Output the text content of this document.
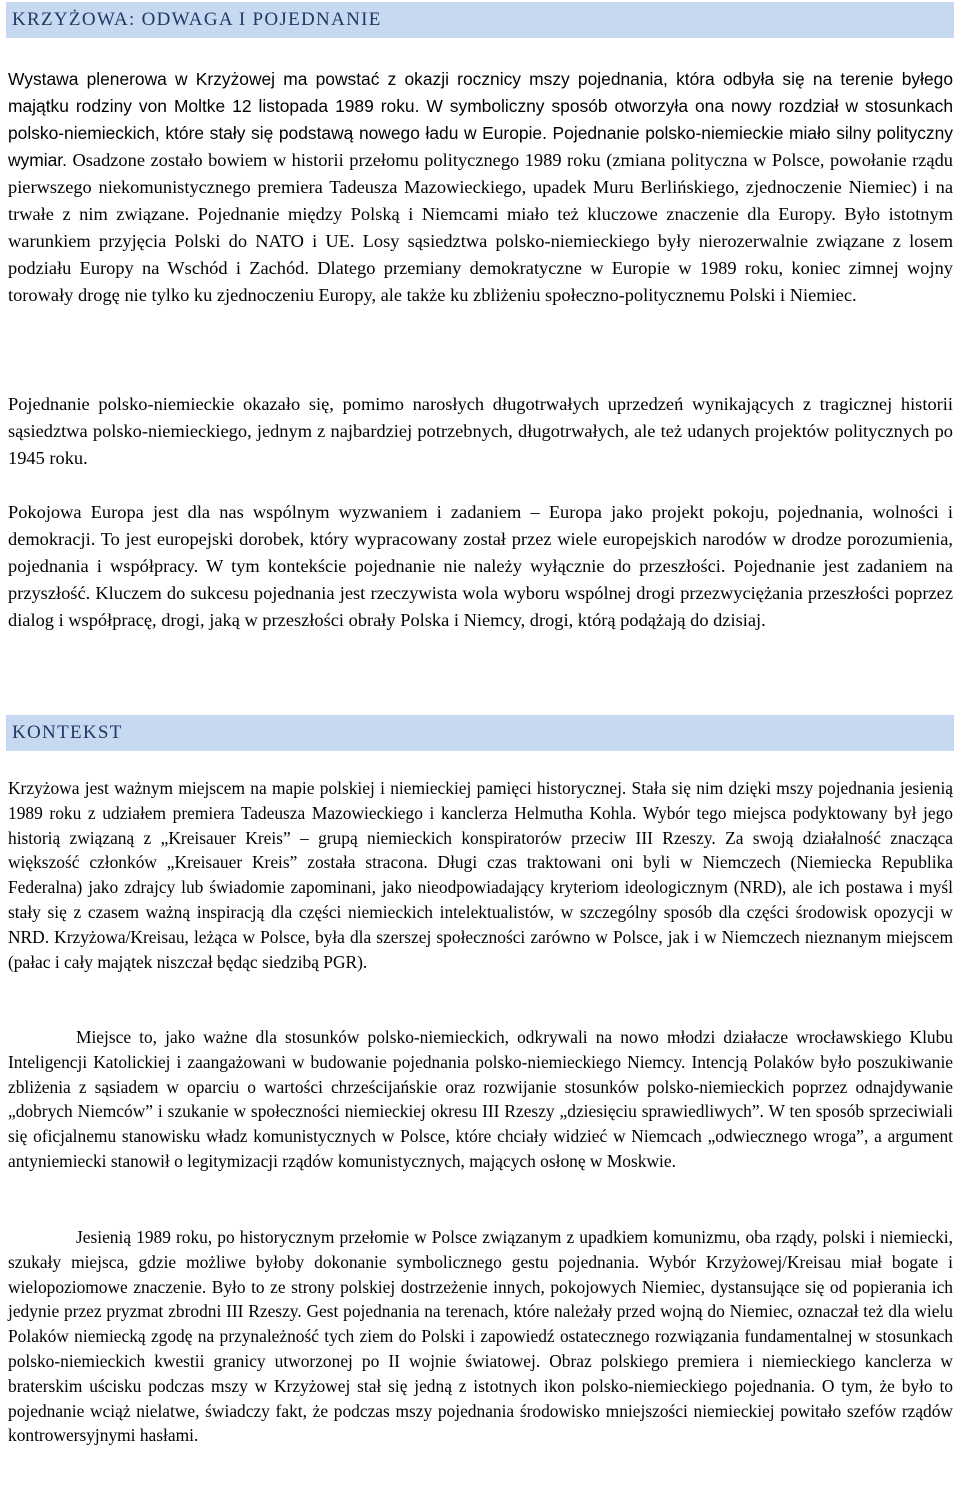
KRZYŻOWA: ODWAGA I POJEDNANIE

Wystawa plenerowa w Krzyżowej ma powstać z okazji rocznicy mszy pojednania, która odbyła się na terenie byłego majątku rodziny von Moltke 12 listopada 1989 roku. W symboliczny sposób otworzyła ona nowy rozdział w stosunkach polsko-niemieckich, które stały się podstawą nowego ładu w Europie. Pojednanie polsko-niemieckie miało silny polityczny wymiar. Osadzone zostało bowiem w historii przełomu politycznego 1989 roku (zmiana polityczna w Polsce, powołanie rządu pierwszego niekomunistycznego premiera Tadeusza Mazowieckiego, upadek Muru Berlińskiego, zjednoczenie Niemiec) i na trwałe z nim związane. Pojednanie między Polską i Niemcami miało też kluczowe znaczenie dla Europy. Było istotnym warunkiem przyjęcia Polski do NATO i UE. Losy sąsiedztwa polsko-niemieckiego były nierozerwalnie związane z losem podziału Europy na Wschód i Zachód. Dlatego przemiany demokratyczne w Europie w 1989 roku, koniec zimnej wojny torowały drogę nie tylko ku zjednoczeniu Europy, ale także ku zbliżeniu społeczno-politycznemu Polski i Niemiec.

Pojednanie polsko-niemieckie okazało się, pomimo narosłych długotrwałych uprzedzeń wynikających z tragicznej historii sąsiedztwa polsko-niemieckiego, jednym z najbardziej potrzebnych, długotrwałych, ale też udanych projektów politycznych po 1945 roku.

Pokojowa Europa jest dla nas wspólnym wyzwaniem i zadaniem – Europa jako projekt pokoju, pojednania, wolności i demokracji. To jest europejski dorobek, który wypracowany został przez wiele europejskich narodów w drodze porozumienia, pojednania i współpracy. W tym kontekście pojednanie nie należy wyłącznie do przeszłości. Pojednanie jest zadaniem na przyszłość. Kluczem do sukcesu pojednania jest rzeczywista wola wyboru wspólnej drogi przezwyciężania przeszłości poprzez dialog i współpracę, drogi, jaką w przeszłości obrały Polska i Niemcy, drogi, którą podążają do dzisiaj.

KONTEKST

Krzyżowa jest ważnym miejscem na mapie polskiej i niemieckiej pamięci historycznej. Stała się nim dzięki mszy pojednania jesienią 1989 roku z udziałem premiera Tadeusza Mazowieckiego i kanclerza Helmutha Kohla. Wybór tego miejsca podyktowany był jego historią związaną z „Kreisauer Kreis” – grupą niemieckich konspiratorów przeciw III Rzeszy. Za swoją działalność znacząca większość członków „Kreisauer Kreis” została stracona. Długi czas traktowani oni byli w Niemczech (Niemiecka Republika Federalna) jako zdrajcy lub świadomie zapominani, jako nieodpowiadający kryteriom ideologicznym (NRD), ale ich postawa i myśl stały się z czasem ważną inspiracją dla części niemieckich intelektualistów, w szczególny sposób dla części środowisk opozycji w NRD. Krzyżowa/Kreisau, leżąca w Polsce, była dla szerszej społeczności zarówno w Polsce, jak i w Niemczech nieznanym miejscem (pałac i cały majątek niszczał będąc siedzibą PGR).

Miejsce to, jako ważne dla stosunków polsko-niemieckich, odkrywali na nowo młodzi działacze wrocławskiego Klubu Inteligencji Katolickiej i zaangażowani w budowanie pojednania polsko-niemieckiego Niemcy. Intencją Polaków było poszukiwanie zbliżenia z sąsiadem w oparciu o wartości chrześcijańskie oraz rozwijanie stosunków polsko-niemieckich poprzez odnajdywanie „dobrych Niemców” i szukanie w społeczności niemieckiej okresu III Rzeszy „dziesięciu sprawiedliwych”. W ten sposób sprzeciwiali się oficjalnemu stanowisku władz komunistycznych w Polsce, które chciały widzieć w Niemcach „odwiecznego wroga”, a argument antyniemiecki stanowił o legitymizacji rządów komunistycznych, mających osłonę w Moskwie.

Jesienią 1989 roku, po historycznym przełomie w Polsce związanym z upadkiem komunizmu, oba rządy, polski i niemiecki, szukały miejsca, gdzie możliwe byłoby dokonanie symbolicznego gestu pojednania. Wybór Krzyżowej/Kreisau miał bogate i wielopoziomowe znaczenie. Było to ze strony polskiej dostrzeżenie innych, pokojowych Niemiec, dystansujące się od popierania ich jedynie przez pryzmat zbrodni III Rzeszy. Gest pojednania na terenach, które należały przed wojną do Niemiec, oznaczał też dla wielu Polaków niemiecką zgodę na przynależność tych ziem do Polski i zapowiedź ostatecznego rozwiązania fundamentalnej w stosunkach polsko-niemieckich kwestii granicy utworzonej po II wojnie światowej. Obraz polskiego premiera i niemieckiego kanclerza w braterskim uścisku podczas mszy w Krzyżowej stał się jedną z istotnych ikon polsko-niemieckiego pojednania. O tym, że było to pojednanie wciąż nielatwe, świadczy fakt, że podczas mszy pojednania środowisko mniejszości niemieckiej powitało szefów rządów kontrowersyjnymi hasłami.
